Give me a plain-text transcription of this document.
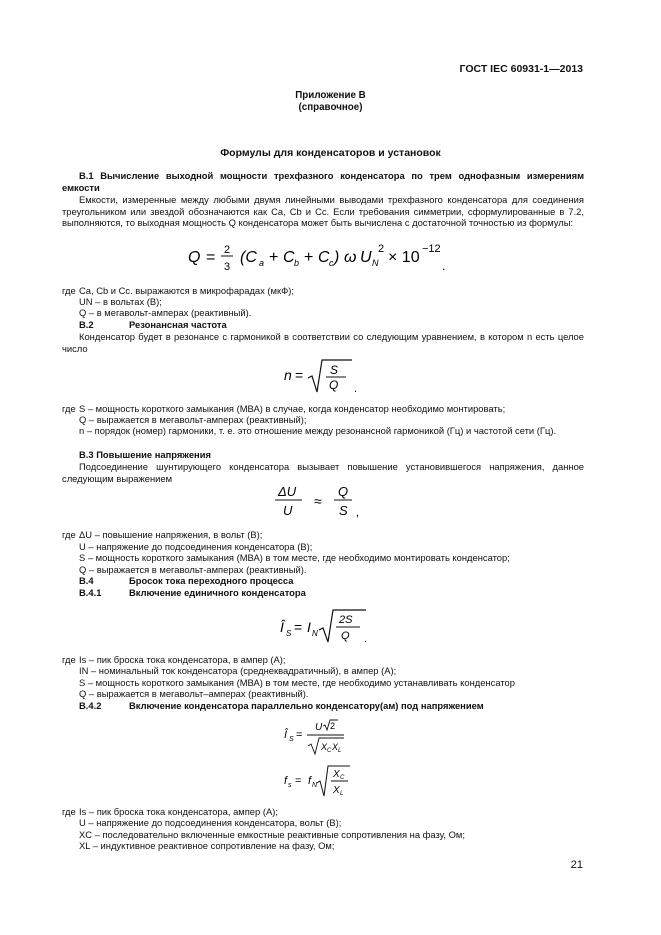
ГОСТ IEC 60931-1—2013
Приложение В
(справочное)
Формулы для конденсаторов и установок
В.1 Вычисление выходной мощности трехфазного конденсатора по трем однофазным измерениям емкости
Емкости, измеренные между любыми двумя линейными выводами трехфазного конденсатора для соединения треугольником или звездой обозначаются как Ca, Cb и Cc. Если требования симметрии, сформулированные в 7.2, выполняются, то выходная мощность Q конденсатора может быть вычислена с достаточной точностью из формулы:
Q = 2
3
(C a + C b + C c ) ω U N
2 × 10 −12
.
где Ca, Cb и Cc. выражаются в микрофарадах (мкФ);
UN – в вольтах (В);
Q – в мегавольт-амперах (реактивный).
В.2	Резонансная частота
Конденсатор будет в резонансе с гармоникой в соответствии со следующим уравнением, в котором n есть целое число
n = S
Q .
где S – мощность короткого замыкания (МВА) в случае, когда конденсатор необходимо монтировать;
Q – выражается в мегавольт-амперах (реактивный);
n – порядок (номер) гармоники, т. е. это отношение между резонансной гармоникой (Гц) и частотой сети (Гц).
В.3 Повышение напряжения
Подсоединение шунтирующего конденсатора вызывает повышение установившегося напряжения, данное следующим выражением
ΔU
U
≈
Q
S ,
где ΔU – повышение напряжения, в вольт (В);
U – напряжение до подсоединения конденсатора (В);
S – мощность короткого замыкания (МВА) в том месте, где необходимо монтировать конденсатор;
Q – выражается в мегавольт-амперах (реактивный).
В.4	Бросок тока переходного процесса
В.4.1	Включение единичного конденсатора
Î S = I N
2S
Q .
где Is – пик броска тока конденсатора, в ампер (А);
IN – номинальный ток конденсатора (среднеквадратичный), в ампер (А);
S – мощность короткого замыкания (МВА) в том месте, где необходимо устанавливать конденсатор
Q – выражается в мегавольт–амперах (реактивный).
В.4.2	Включение конденсатора параллельно конденсатору(ам) под напряжением
Î S =
U 2
X C X L
f s = f N
X C
X L
где Is – пик броска тока конденсатора, ампер (А);
U – напряжение до подсоединения конденсатора, вольт (В);
XC – последовательно включенные емкостные реактивные сопротивления на фазу, Ом;
XL – индуктивное реактивное сопротивление на фазу, Ом;
21
